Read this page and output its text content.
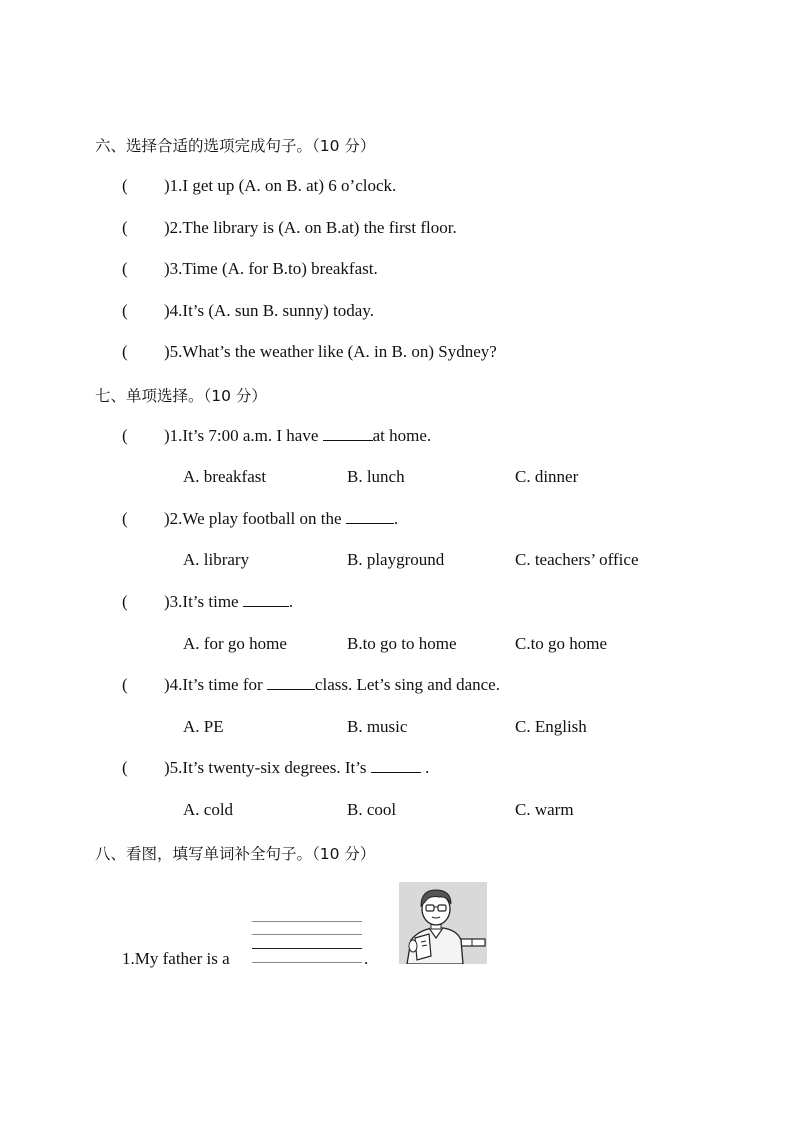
六、选择合适的选项完成句子。（10 分）
( )1.I get up (A. on B. at) 6 o’clock.
( )2.The library is (A. on B.at) the first floor.
( )3.Time (A. for B.to) breakfast.
( )4.It’s (A. sun B. sunny) today.
( )5.What’s the weather like (A. in B. on) Sydney?
七、单项选择。（10 分）
( )1.It’s 7:00 a.m. I have	at home.
A. breakfast	B. lunch	C. dinner
( )2.We play football on the	.
A. library	B. playground	C. teachers’ office
( )3.It’s time	.
A. for go home	B.to go to home	C.to go home
( )4.It’s time for	class. Let’s sing and dance.
A. PE	B. music	C. English
( )5.It’s twenty-six degrees. It’s	.
A. cold	B. cool	C. warm
八、看图，填写单词补全句子。（10 分）
1.My father is a	.
